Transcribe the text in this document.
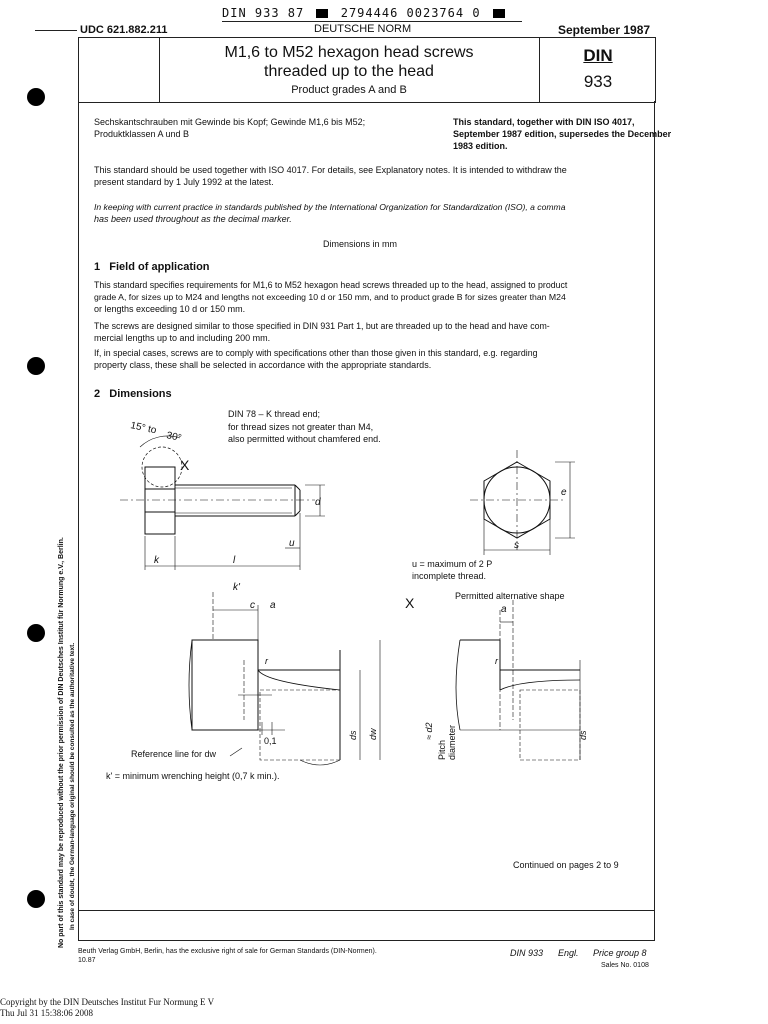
DIN 933 87	2794446 0023764 0
UDC 621.882.211	DEUTSCHE NORM	September 1987
M1,6 to M52 hexagon head screws
threaded up to the head
Product grades A and B
DIN
933
No part of this standard may be reproduced without the prior permission of DIN Deutsches Institut für Normung e.V., Berlin. In case of doubt, the German-language original should be consulted as the authoritative text.
Sechskantschrauben mit Gewinde bis Kopf; Gewinde M1,6 bis M52; Produktklassen A und B
This standard, together with DIN ISO 4017, September 1987 edition, supersedes the December 1983 edition.
This standard should be used together with ISO 4017. For details, see Explanatory notes. It is intended to withdraw the
present standard by 1 July 1992 at the latest.
In keeping with current practice in standards published by the International Organization for Standardization (ISO), a comma
has been used throughout as the decimal marker.
Dimensions in mm
1   Field of application
This standard specifies requirements for M1,6 to M52 hexagon head screws threaded up to the head, assigned to product
grade A, for sizes up to M24 and lengths not exceeding 10 d or 150 mm, and to product grade B for sizes greater than M24
or lengths exceeding 10 d or 150 mm.
The screws are designed similar to those specified in DIN 931 Part 1, but are threaded up to the head and have com-
mercial lengths up to and including 200 mm.
If, in special cases, screws are to comply with specifications other than those given in this standard, e.g. regarding
property class, these shall be selected in accordance with the appropriate standards.
2   Dimensions
DIN 78 – K thread end;
for thread sizes not greater than M4,
also permitted without chamfered end.
15° to
30°
X
k	l
d
u	s
e
k'
c a
r
0,1
ds dw
X	a
r
≈ d2
Pitch diameter	ds
u = maximum of 2 P
incomplete thread.
Permitted alternative shape
Reference line for dw
k' = minimum wrenching height (0,7 k min.).
Continued on pages 2 to 9
Beuth Verlag GmbH, Berlin, has the exclusive right of sale for German Standards (DIN-Normen).
10.87
DIN 933 Engl. Price group 8
Sales No. 0108
Copyright by the DIN Deutsches Institut Fur Normung E V
Thu Jul 31 15:38:06 2008
